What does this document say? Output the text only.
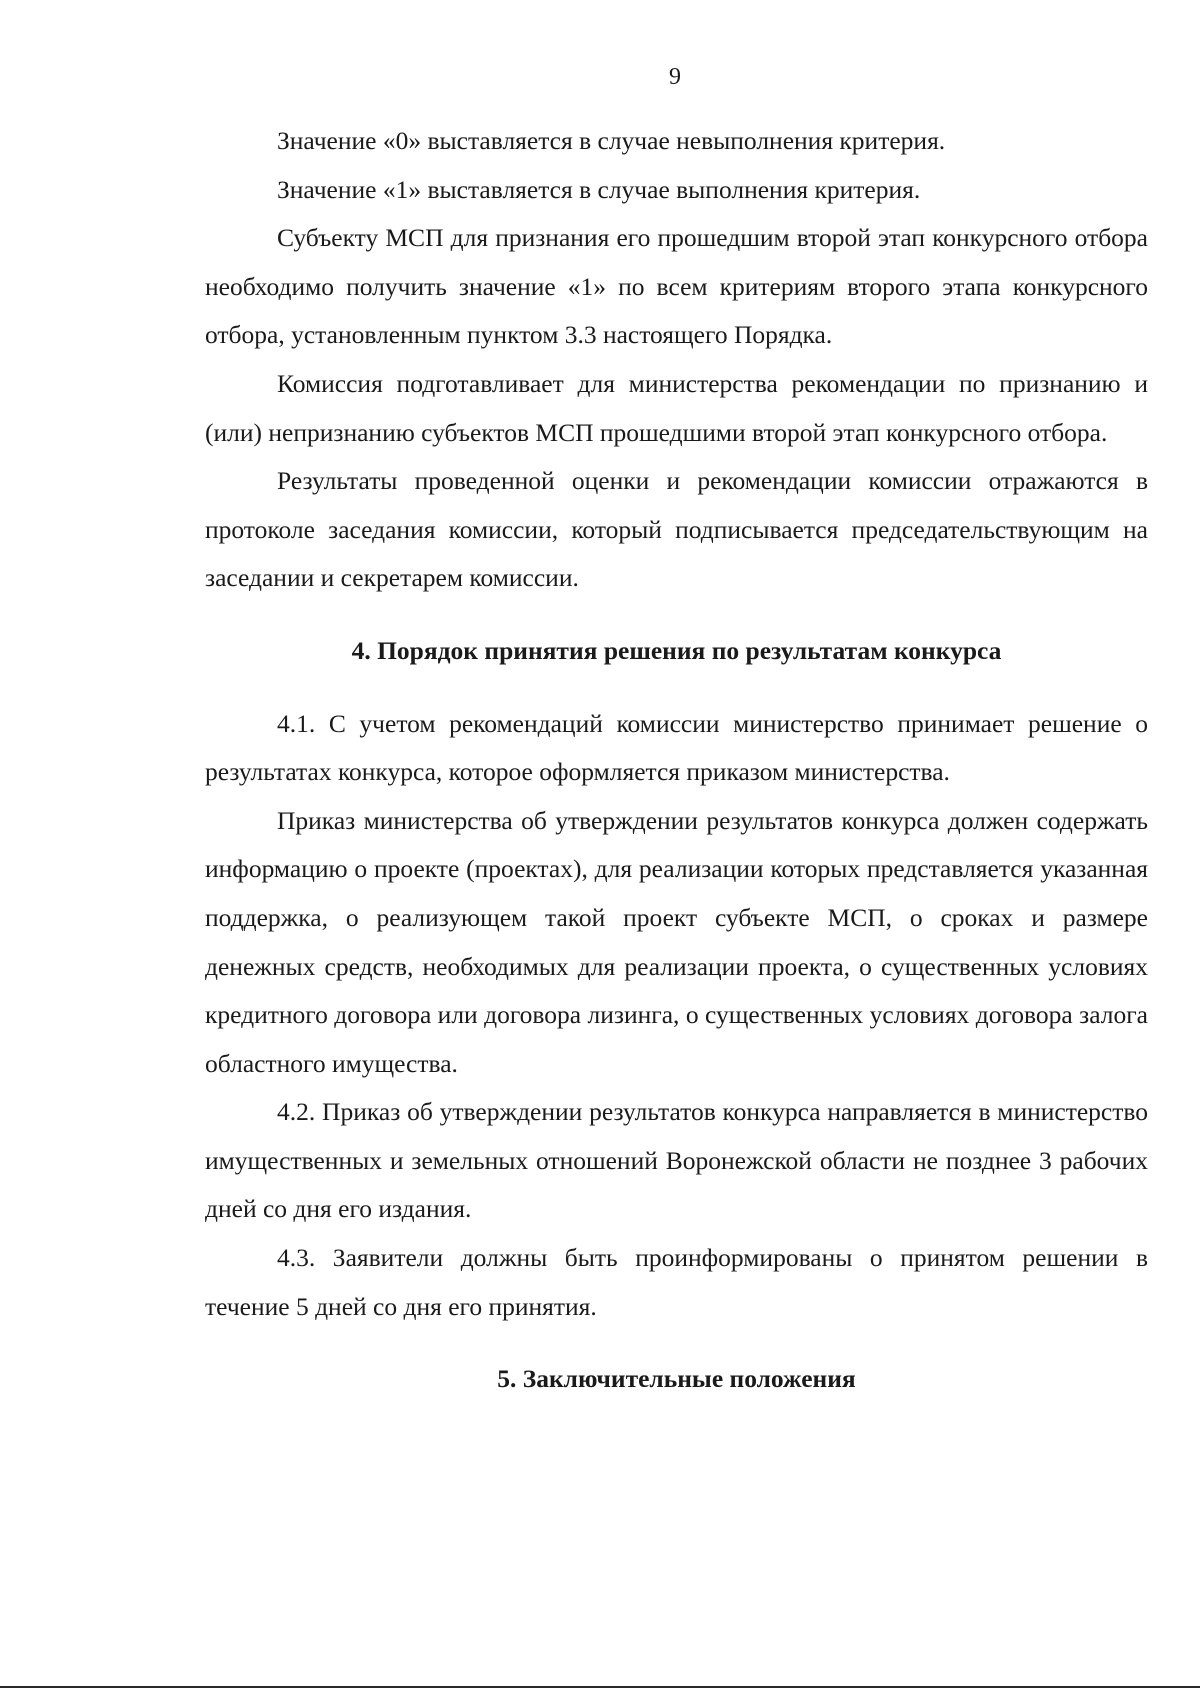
9

Значение «0» выставляется в случае невыполнения критерия.

Значение «1» выставляется в случае выполнения критерия.

Субъекту МСП для признания его прошедшим второй этап конкурсного отбора необходимо получить значение «1» по всем критериям второго этапа конкурсного отбора, установленным пунктом 3.3 настоящего Порядка.

Комиссия подготавливает для министерства рекомендации по признанию и (или) непризнанию субъектов МСП прошедшими второй этап конкурсного отбора.

Результаты проведенной оценки и рекомендации комиссии отражаются в протоколе заседания комиссии, который подписывается председательствующим на заседании и секретарем комиссии.

4. Порядок принятия решения по результатам конкурса

4.1. С учетом рекомендаций комиссии министерство принимает решение о результатах конкурса, которое оформляется приказом министерства.

Приказ министерства об утверждении результатов конкурса должен содержать информацию о проекте (проектах), для реализации которых представляется указанная поддержка, о реализующем такой проект субъекте МСП, о сроках и размере денежных средств, необходимых для реализации проекта, о существенных условиях кредитного договора или договора лизинга, о существенных условиях договора залога областного имущества.

4.2. Приказ об утверждении результатов конкурса направляется в министерство имущественных и земельных отношений Воронежской области не позднее 3 рабочих дней со дня его издания.

4.3. Заявители должны быть проинформированы о принятом решении в течение 5 дней со дня его принятия.

5. Заключительные положения
